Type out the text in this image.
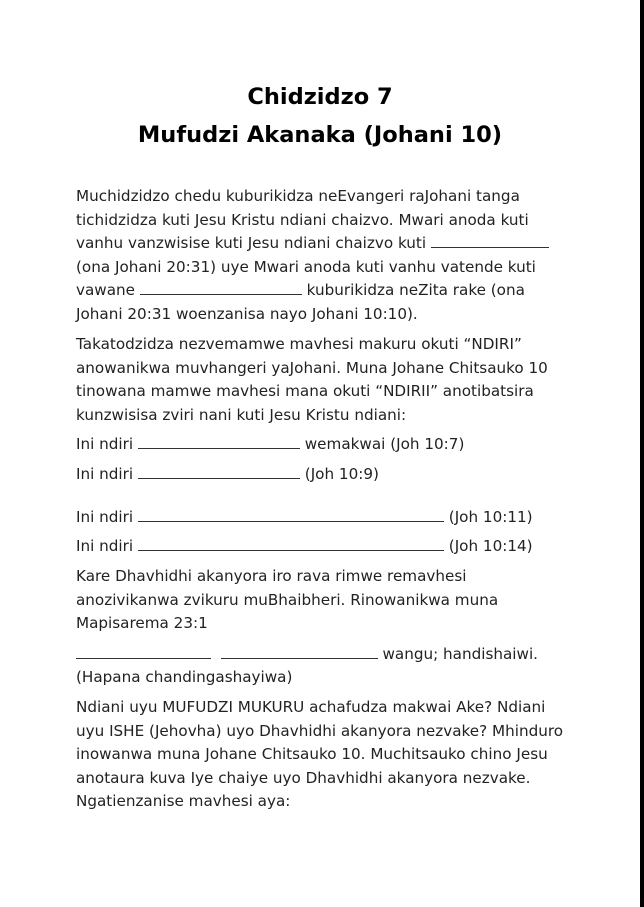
Chidzidzo 7
Mufudzi Akanaka (Johani 10)
Muchidzidzo chedu kuburikidza neEvangeri raJohani tanga
tichidzidza kuti Jesu Kristu ndiani chaizvo. Mwari anoda kuti
vanhu vanzwisise kuti Jesu ndiani chaizvo kuti
(ona Johani 20:31) uye Mwari anoda kuti vanhu vatende kuti
vawane	kuburikidza neZita rake (ona
Johani 20:31 woenzanisa nayo Johani 10:10).
Takatodzidza nezvemamwe mavhesi makuru okuti “NDIRI”
anowanikwa muvhangeri yaJohani. Muna Johane Chitsauko 10
tinowana mamwe mavhesi mana okuti “NDIRII” anotibatsira
kunzwisisa zviri nani kuti Jesu Kristu ndiani:
Ini ndiri	wemakwai (Joh 10:7)
Ini ndiri	(Joh 10:9)
Ini ndiri	(Joh 10:11)
Ini ndiri	(Joh 10:14)
Kare Dhavhidhi akanyora iro rava rimwe remavhesi
anozivikanwa zvikuru muBhaibheri. Rinowanikwa muna
Mapisarema 23:1
wangu; handishaiwi.
(Hapana chandingashayiwa)
Ndiani uyu MUFUDZI MUKURU achafudza makwai Ake? Ndiani
uyu ISHE (Jehovha) uyo Dhavhidhi akanyora nezvake? Mhinduro
inowanwa muna Johane Chitsauko 10. Muchitsauko chino Jesu
anotaura kuva Iye chaiye uyo Dhavhidhi akanyora nezvake.
Ngatienzanise mavhesi aya:
